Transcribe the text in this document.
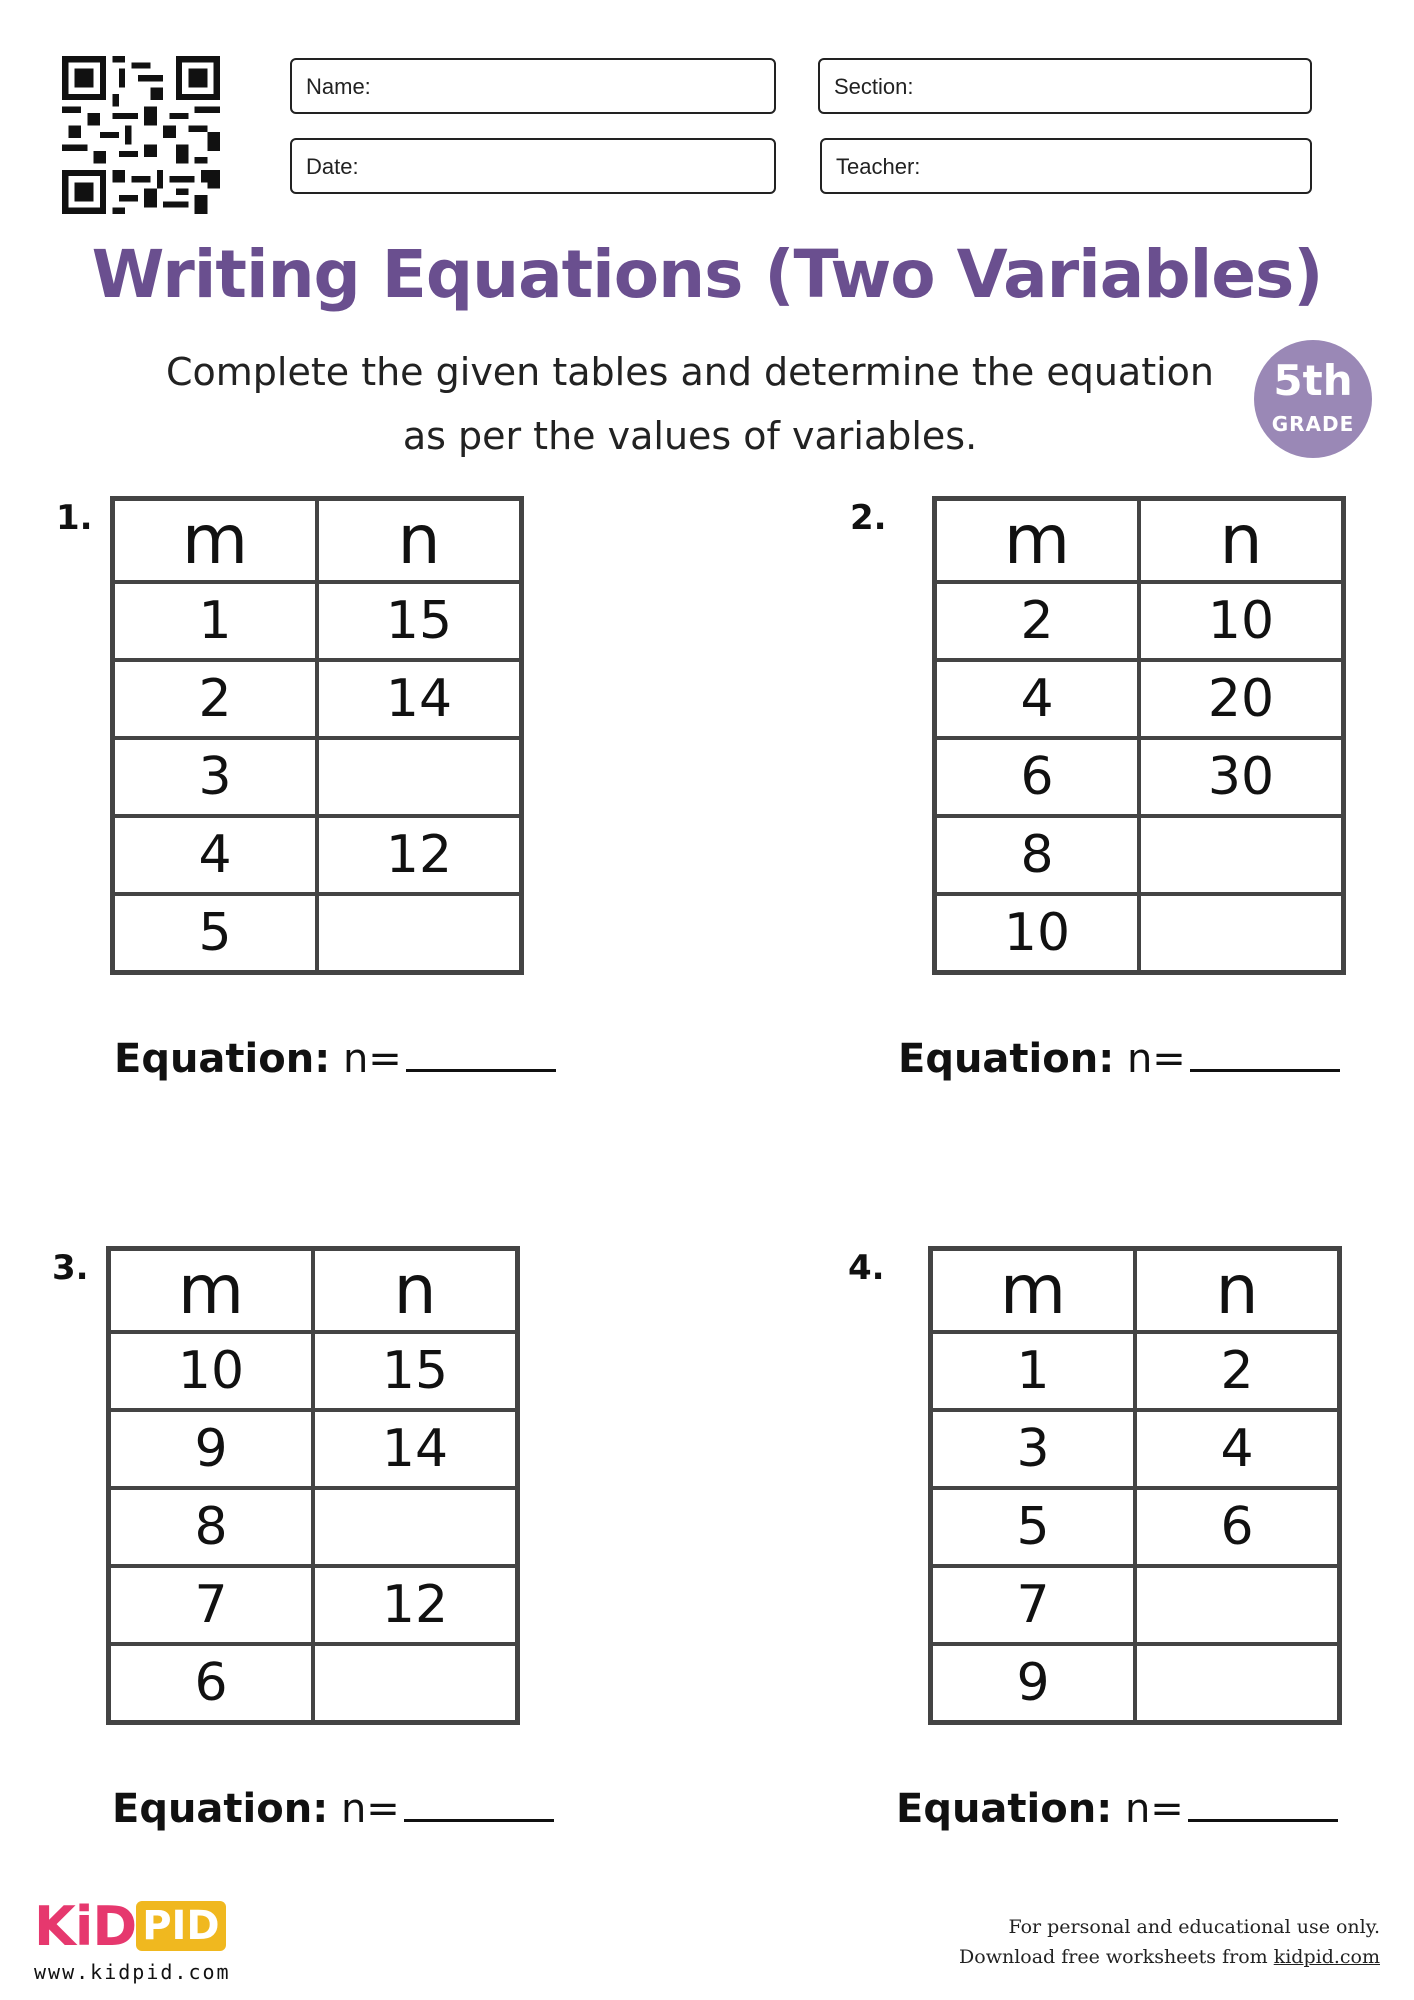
Name:	Section:
Date:	Teacher:
Writing Equations (Two Variables)
Complete the given tables and determine the equation
as per the values of variables.
5th
GRADE
1. m	n
1	15
2	14
3	
4	12
5	
Equation: n=
2. m	n
2	10
4	20
6	30
8	
10	
Equation: n=
3. m	n
10	15
9	14
8	
7	12
6	
Equation: n=
4. m	n
1	2
3	4
5	6
7	
9	
Equation: n=
KiD PID
www.kidpid.com
For personal and educational use only.
Download free worksheets from kidpid.com
